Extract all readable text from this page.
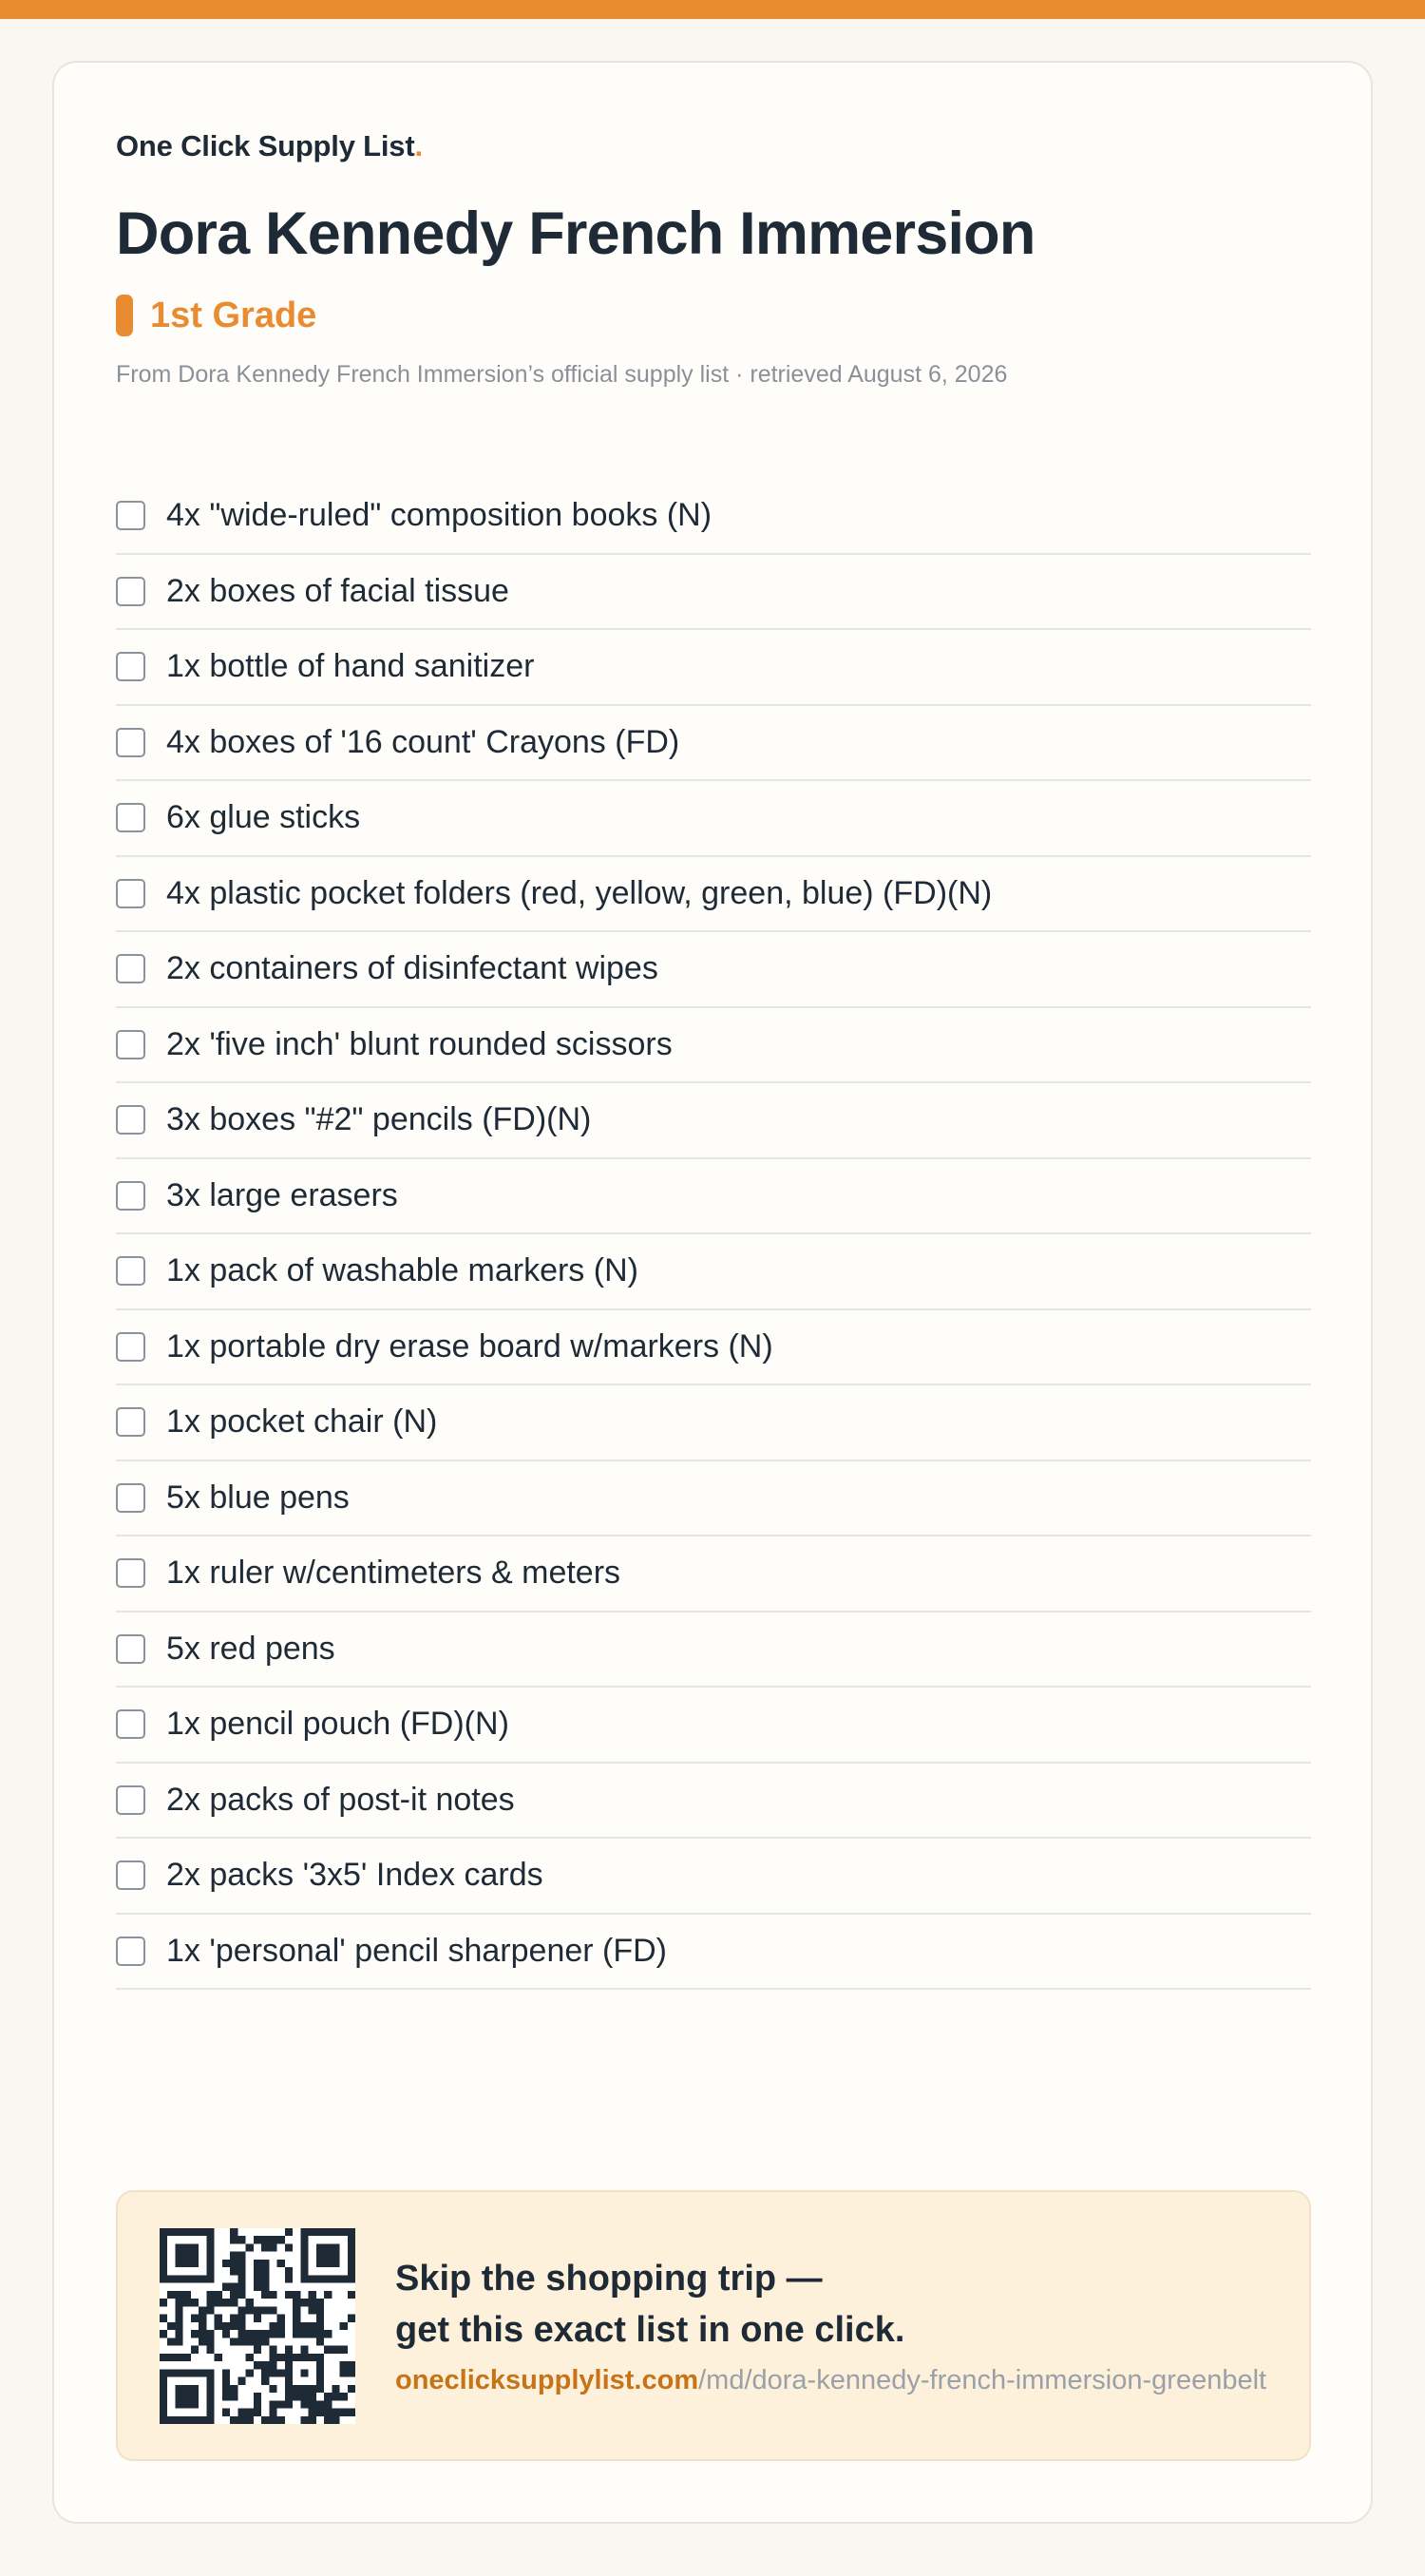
One Click Supply List.
Dora Kennedy French Immersion
1st Grade
From Dora Kennedy French Immersion’s official supply list · retrieved August 6, 2026
4x "wide-ruled" composition books (N)
2x boxes of facial tissue
1x bottle of hand sanitizer
4x boxes of '16 count' Crayons (FD)
6x glue sticks
4x plastic pocket folders (red, yellow, green, blue) (FD)(N)
2x containers of disinfectant wipes
2x 'five inch' blunt rounded scissors
3x boxes "#2" pencils (FD)(N)
3x large erasers
1x pack of washable markers (N)
1x portable dry erase board w/markers (N)
1x pocket chair (N)
5x blue pens
1x ruler w/centimeters & meters
5x red pens
1x pencil pouch (FD)(N)
2x packs of post-it notes
2x packs '3x5' Index cards
1x 'personal' pencil sharpener (FD)
Skip the shopping trip —
get this exact list in one click.
oneclicksupplylist.com/md/dora-kennedy-french-immersion-greenbelt
